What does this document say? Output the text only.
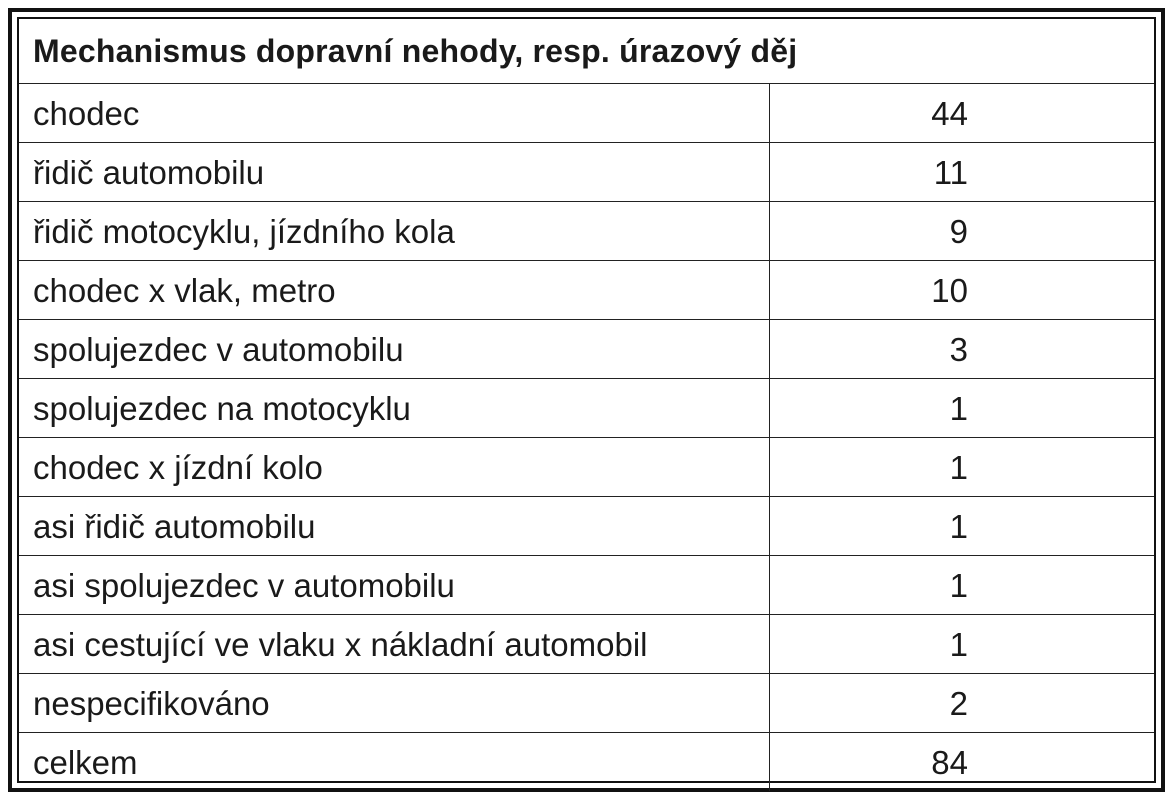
Mechanismus dopravní nehody, resp. úrazový děj	
chodec	44
řidič automobilu	11
řidič motocyklu, jízdního kola	9
chodec x vlak, metro	10
spolujezdec v automobilu	3
spolujezdec na motocyklu	1
chodec x jízdní kolo	1
asi řidič automobilu	1
asi spolujezdec v automobilu	1
asi cestující ve vlaku x nákladní automobil	1
nespecifikováno	2
celkem	84
